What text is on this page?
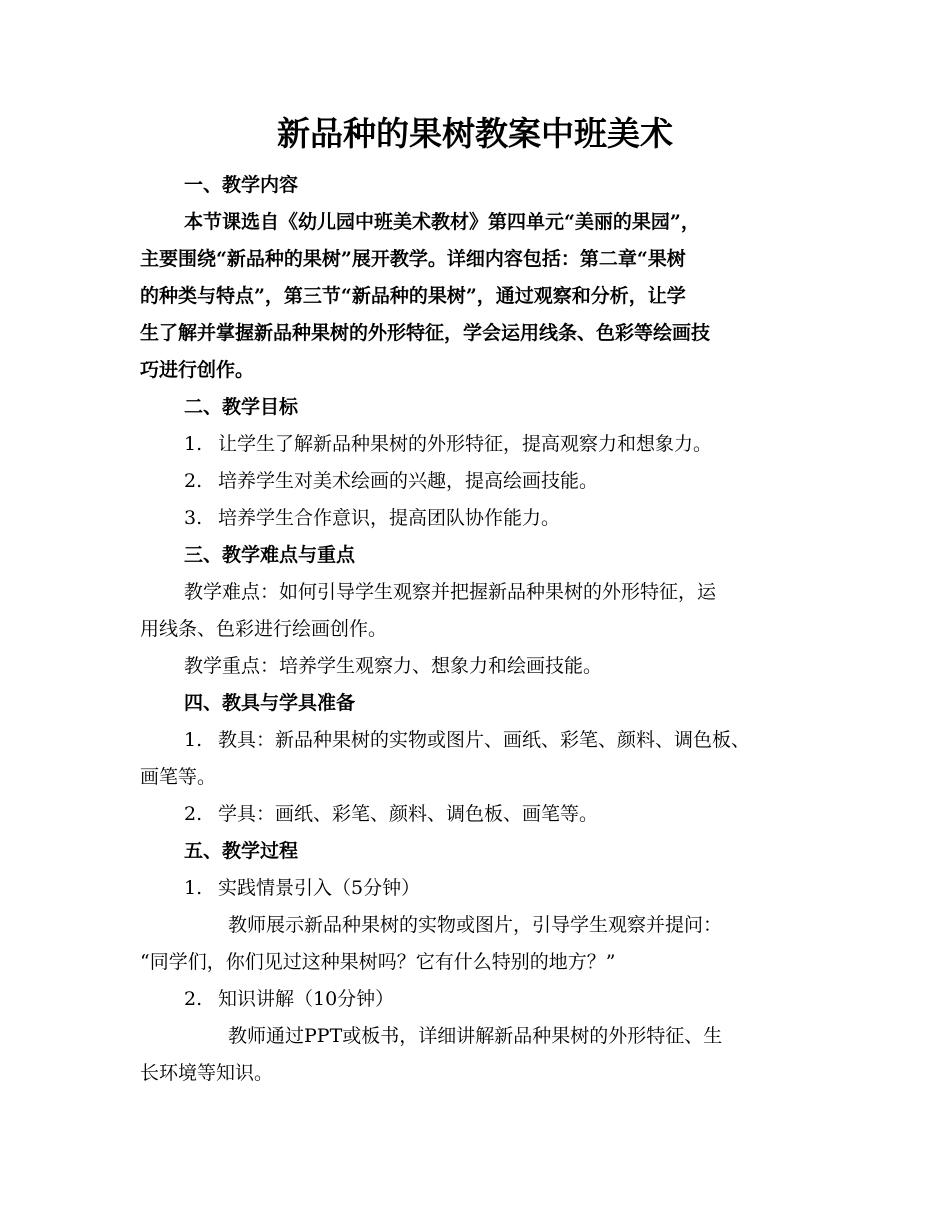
新品种的果树教案中班美术

一、教学内容

本节课选自《幼儿园中班美术教材》第四单元“美丽的果园”，

主要围绕“新品种的果树”展开教学。详细内容包括：第二章“果树

的种类与特点”，第三节“新品种的果树”，通过观察和分析，让学

生了解并掌握新品种果树的外形特征，学会运用线条、色彩等绘画技

巧进行创作。

二、教学目标

1. 让学生了解新品种果树的外形特征，提高观察力和想象力。

2. 培养学生对美术绘画的兴趣，提高绘画技能。

3. 培养学生合作意识，提高团队协作能力。

三、教学难点与重点

教学难点：如何引导学生观察并把握新品种果树的外形特征，运

用线条、色彩进行绘画创作。

教学重点：培养学生观察力、想象力和绘画技能。

四、教具与学具准备

1. 教具：新品种果树的实物或图片、画纸、彩笔、颜料、调色板、

画笔等。

2. 学具：画纸、彩笔、颜料、调色板、画笔等。

五、教学过程

1. 实践情景引入（5分钟）

教师展示新品种果树的实物或图片，引导学生观察并提问：

“同学们，你们见过这种果树吗？它有什么特别的地方？”

2. 知识讲解（10分钟）

教师通过PPT或板书，详细讲解新品种果树的外形特征、生

长环境等知识。
